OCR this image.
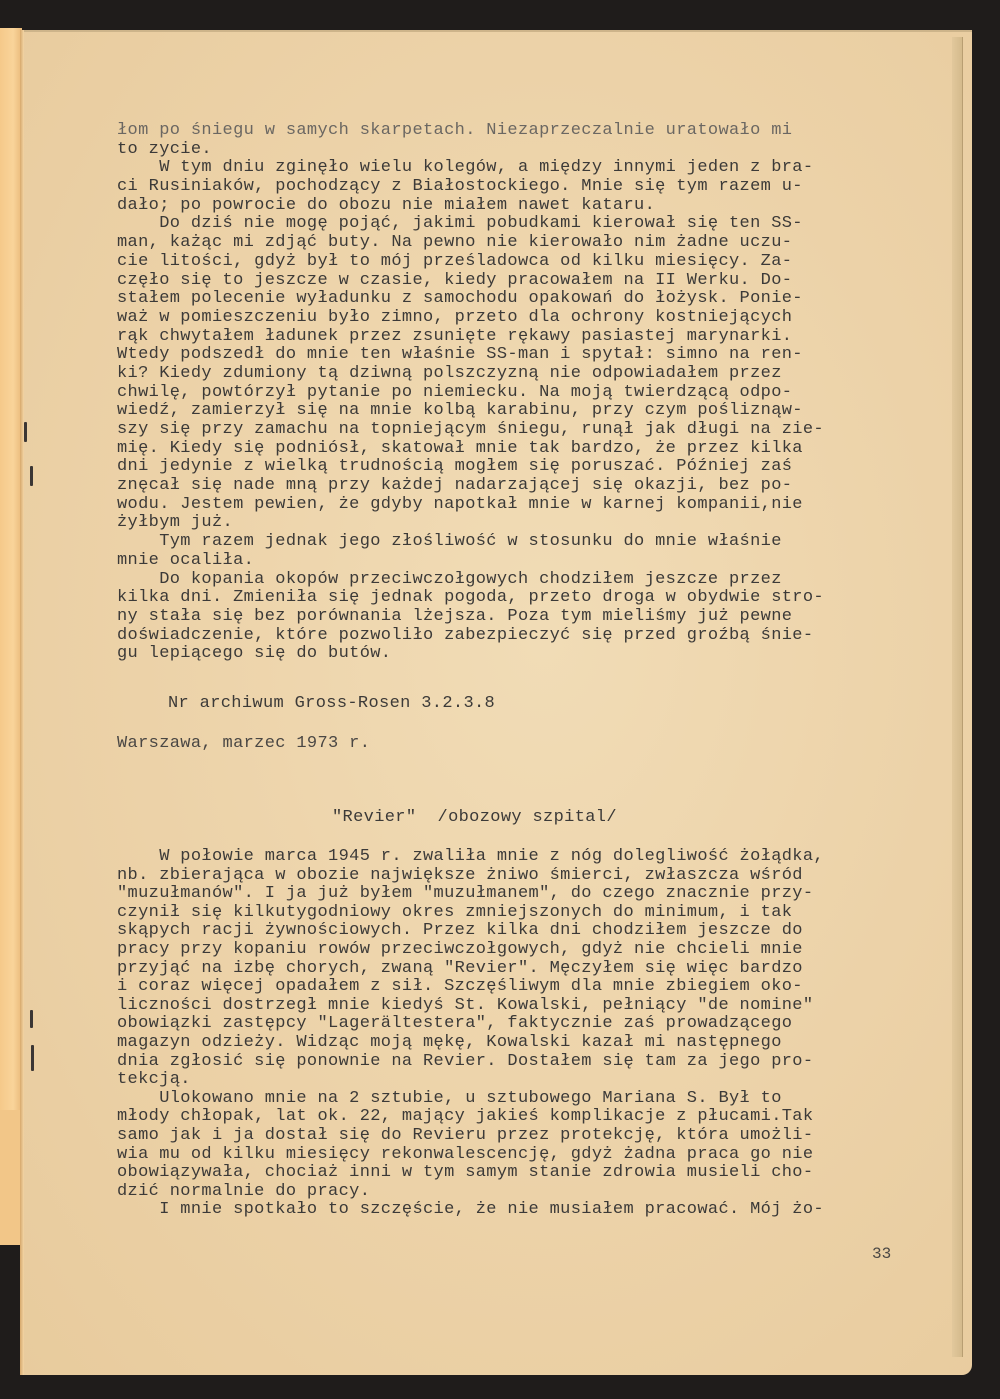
łom po śniegu w samych skarpetach. Niezaprzeczalnie uratowało mi
to zycie.
W tym dniu zginęło wielu kolegów, a między innymi jeden z bra-
ci Rusiniaków, pochodzący z Białostockiego. Mnie się tym razem u-
dało; po powrocie do obozu nie miałem nawet kataru.
Do dziś nie mogę pojąć, jakimi pobudkami kierował się ten SS-
man, każąc mi zdjąć buty. Na pewno nie kierowało nim żadne uczu-
cie litości, gdyż był to mój prześladowca od kilku miesięcy. Za-
częło się to jeszcze w czasie, kiedy pracowałem na II Werku. Do-
stałem polecenie wyładunku z samochodu opakowań do łożysk. Ponie-
waż w pomieszczeniu było zimno, przeto dla ochrony kostniejących
rąk chwytałem ładunek przez zsunięte rękawy pasiastej marynarki.
Wtedy podszedł do mnie ten właśnie SS-man i spytał: simno na ren-
ki? Kiedy zdumiony tą dziwną polszczyzną nie odpowiadałem przez
chwilę, powtórzył pytanie po niemiecku. Na moją twierdzącą odpo-
wiedź, zamierzył się na mnie kolbą karabinu, przy czym pośliznąw-
szy się przy zamachu na topniejącym śniegu, runął jak długi na zie-
mię. Kiedy się podniósł, skatował mnie tak bardzo, że przez kilka
dni jedynie z wielką trudnością mogłem się poruszać. Później zaś
znęcał się nade mną przy każdej nadarzającej się okazji, bez po-
wodu. Jestem pewien, że gdyby napotkał mnie w karnej kompanii,nie
żyłbym już.
Tym razem jednak jego złośliwość w stosunku do mnie właśnie
mnie ocaliła.
Do kopania okopów przeciwczołgowych chodziłem jeszcze przez
kilka dni. Zmieniła się jednak pogoda, przeto droga w obydwie stro-
ny stała się bez porównania lżejsza. Poza tym mieliśmy już pewne
doświadczenie, które pozwoliło zabezpieczyć się przed groźbą śnie-
gu lepiącego się do butów.
Nr archiwum Gross-Rosen 3.2.3.8
Warszawa, marzec 1973 r.
"Revier"  /obozowy szpital/
W połowie marca 1945 r. zwaliła mnie z nóg dolegliwość żołądka,
nb. zbierająca w obozie największe żniwo śmierci, zwłaszcza wśród
"muzułmanów". I ja już byłem "muzułmanem", do czego znacznie przy-
czynił się kilkutygodniowy okres zmniejszonych do minimum, i tak
skąpych racji żywnościowych. Przez kilka dni chodziłem jeszcze do
pracy przy kopaniu rowów przeciwczołgowych, gdyż nie chcieli mnie
przyjąć na izbę chorych, zwaną "Revier". Męczyłem się więc bardzo
i coraz więcej opadałem z sił. Szczęśliwym dla mnie zbiegiem oko-
liczności dostrzegł mnie kiedyś St. Kowalski, pełniący "de nomine"
obowiązki zastępcy "Lagerältestera", faktycznie zaś prowadzącego
magazyn odzieży. Widząc moją mękę, Kowalski kazał mi następnego
dnia zgłosić się ponownie na Revier. Dostałem się tam za jego pro-
tekcją.
Ulokowano mnie na 2 sztubie, u sztubowego Mariana S. Był to
młody chłopak, lat ok. 22, mający jakieś komplikacje z płucami.Tak
samo jak i ja dostał się do Revieru przez protekcję, która umożli-
wia mu od kilku miesięcy rekonwalescencję, gdyż żadna praca go nie
obowiązywała, chociaż inni w tym samym stanie zdrowia musieli cho-
dzić normalnie do pracy.
I mnie spotkało to szczęście, że nie musiałem pracować. Mój żo-
33
